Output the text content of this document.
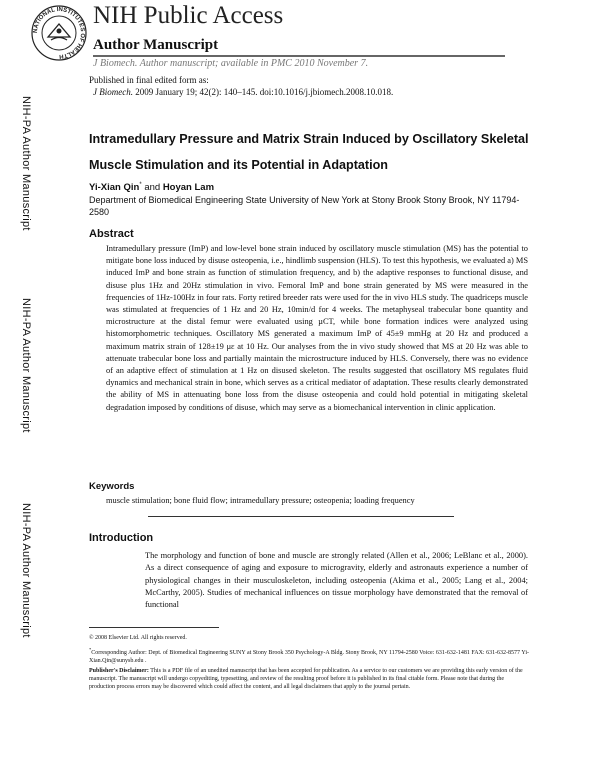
NATIONAL INSTITUTES OF HEALTH
NIH Public Access
Author Manuscript
J Biomech. Author manuscript; available in PMC 2010 November 7.
Published in final edited form as:
J Biomech. 2009 January 19; 42(2): 140–145. doi:10.1016/j.jbiomech.2008.10.018.
NIH-PA Author Manuscript
NIH-PA Author Manuscript
NIH-PA Author Manuscript
Intramedullary Pressure and Matrix Strain Induced by Oscillatory Skeletal Muscle Stimulation and its Potential in Adaptation
Yi-Xian Qin* and Hoyan Lam
Department of Biomedical Engineering State University of New York at Stony Brook Stony Brook, NY 11794-2580
Abstract
Intramedullary pressure (ImP) and low-level bone strain induced by oscillatory muscle stimulation (MS) has the potential to mitigate bone loss induced by disuse osteopenia, i.e., hindlimb suspension (HLS). To test this hypothesis, we evaluated a) MS induced ImP and bone strain as function of stimulation frequency, and b) the adaptive responses to functional disuse, and disuse plus 1Hz and 20Hz stimulation in vivo. Femoral ImP and bone strain generated by MS were measured in the frequencies of 1Hz-100Hz in four rats. Forty retired breeder rats were used for the in vivo HLS study. The quadriceps muscle was stimulated at frequencies of 1 Hz and 20 Hz, 10min/d for 4 weeks. The metaphyseal trabecular bone quantity and microstructure at the distal femur were evaluated using µCT, while bone formation indices were analyzed using histomorphometric techniques. Oscillatory MS generated a maximum ImP of 45±9 mmHg at 20 Hz and produced a maximum matrix strain of 128±19 με at 10 Hz. Our analyses from the in vivo study showed that MS at 20 Hz was able to attenuate trabecular bone loss and partially maintain the microstructure induced by HLS. Conversely, there was no evidence of an adaptive effect of stimulation at 1 Hz on disused skeleton. The results suggested that oscillatory MS regulates fluid dynamics and mechanical strain in bone, which serves as a critical mediator of adaptation. These results clearly demonstrated the ability of MS in attenuating bone loss from the disuse osteopenia and could hold potential in mitigating skeletal degradation imposed by conditions of disuse, which may serve as a biomechanical intervention in clinic application.
Keywords
muscle stimulation; bone fluid flow; intramedullary pressure; osteopenia; loading frequency
Introduction
The morphology and function of bone and muscle are strongly related (Allen et al., 2006; LeBlanc et al., 2000). As a direct consequence of aging and exposure to microgravity, elderly and astronauts experience a number of physiological changes in their musculoskeleton, including osteopenia (Akima et al., 2005; Lang et al., 2004; McCarthy, 2005). Studies of mechanical influences on tissue morphology have demonstrated that the removal of functional
© 2008 Elsevier Ltd. All rights reserved.
*Corresponding Author: Dept. of Biomedical Engineering SUNY at Stony Brook 350 Psychology-A Bldg. Stony Brook, NY 11794-2580 Voice: 631-632-1481 FAX: 631-632-8577 Yi-Xian.Qin@sunysb.edu .
Publisher's Disclaimer: This is a PDF file of an unedited manuscript that has been accepted for publication. As a service to our customers we are providing this early version of the manuscript. The manuscript will undergo copyediting, typesetting, and review of the resulting proof before it is published in its final citable form. Please note that during the production process errors may be discovered which could affect the content, and all legal disclaimers that apply to the journal pertain.
